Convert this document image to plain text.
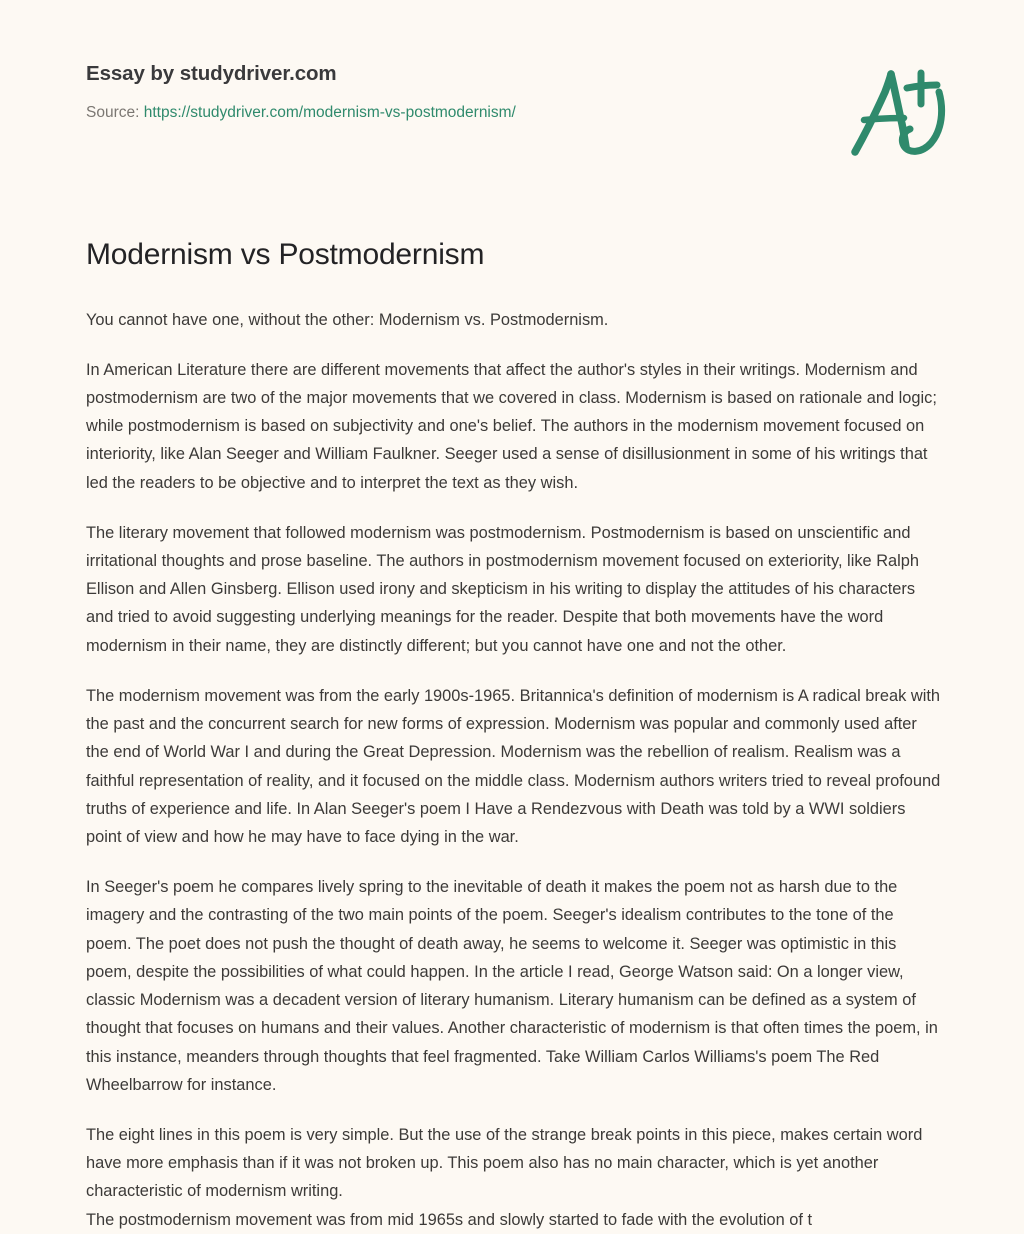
Essay by studydriver.com
Source: https://studydriver.com/modernism-vs-postmodernism/
Modernism vs Postmodernism

You cannot have one, without the other: Modernism vs. Postmodernism.

In American Literature there are different movements that affect the author's styles in their writings. Modernism and postmodernism are two of the major movements that we covered in class. Modernism is based on rationale and logic; while postmodernism is based on subjectivity and one's belief. The authors in the modernism movement focused on interiority, like Alan Seeger and William Faulkner. Seeger used a sense of disillusionment in some of his writings that led the readers to be objective and to interpret the text as they wish.

The literary movement that followed modernism was postmodernism. Postmodernism is based on unscientific and irritational thoughts and prose baseline. The authors in postmodernism movement focused on exteriority, like Ralph Ellison and Allen Ginsberg. Ellison used irony and skepticism in his writing to display the attitudes of his characters and tried to avoid suggesting underlying meanings for the reader. Despite that both movements have the word modernism in their name, they are distinctly different; but you cannot have one and not the other.

The modernism movement was from the early 1900s-1965. Britannica's definition of modernism is A radical break with the past and the concurrent search for new forms of expression. Modernism was popular and commonly used after the end of World War I and during the Great Depression. Modernism was the rebellion of realism. Realism was a faithful representation of reality, and it focused on the middle class. Modernism authors writers tried to reveal profound truths of experience and life. In Alan Seeger's poem I Have a Rendezvous with Death was told by a WWI soldiers point of view and how he may have to face dying in the war.

In Seeger's poem he compares lively spring to the inevitable of death it makes the poem not as harsh due to the imagery and the contrasting of the two main points of the poem. Seeger's idealism contributes to the tone of the poem. The poet does not push the thought of death away, he seems to welcome it. Seeger was optimistic in this poem, despite the possibilities of what could happen. In the article I read, George Watson said: On a longer view, classic Modernism was a decadent version of literary humanism. Literary humanism can be defined as a system of thought that focuses on humans and their values. Another characteristic of modernism is that often times the poem, in this instance, meanders through thoughts that feel fragmented. Take William Carlos Williams's poem The Red Wheelbarrow for instance.

The eight lines in this poem is very simple. But the use of the strange break points in this piece, makes certain word have more emphasis than if it was not broken up. This poem also has no main character, which is yet another characteristic of modernism writing.

The postmodernism movement was from mid 1965s and slowly started to fade with the evolution of t
